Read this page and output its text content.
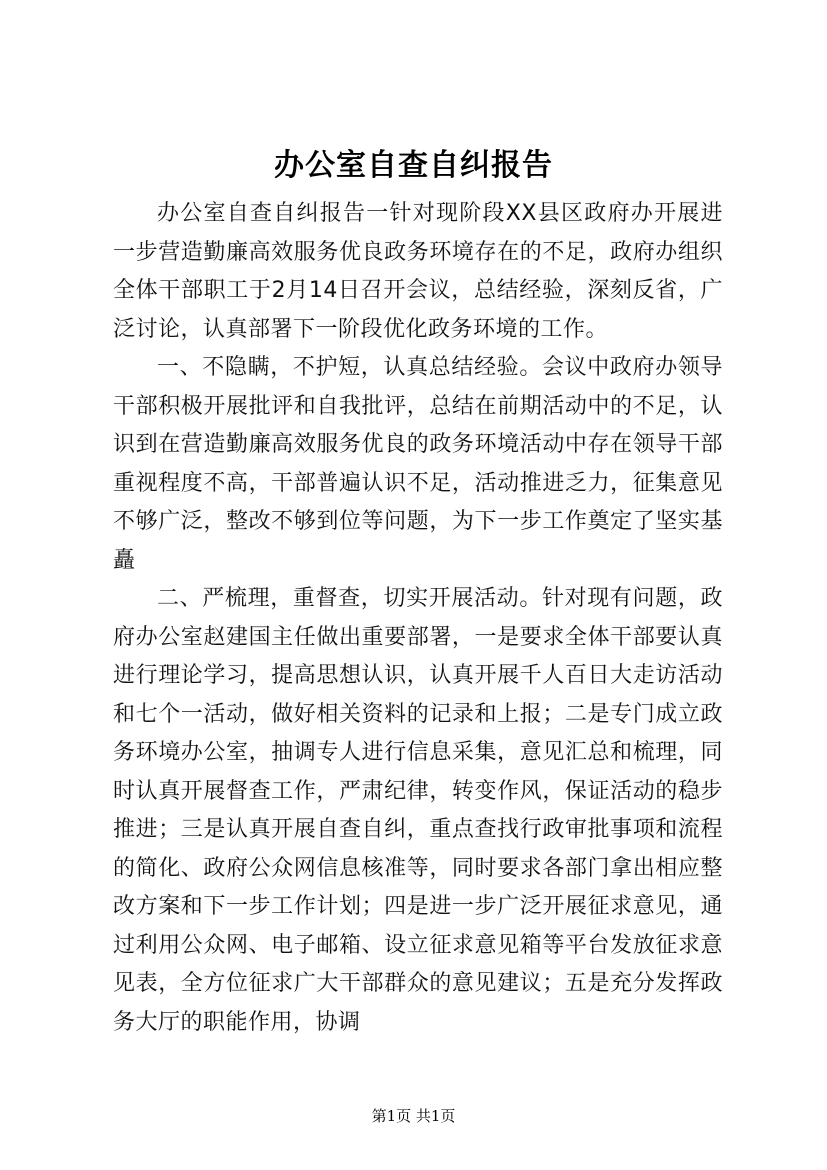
办公室自查自纠报告

办公室自查自纠报告一针对现阶段XX县区政府办开展进一步营造勤廉高效服务优良政务环境存在的不足，政府办组织全体干部职工于2月14日召开会议，总结经验，深刻反省，广泛讨论，认真部署下一阶段优化政务环境的工作。

一、不隐瞒，不护短，认真总结经验。会议中政府办领导干部积极开展批评和自我批评，总结在前期活动中的不足，认识到在营造勤廉高效服务优良的政务环境活动中存在领导干部重视程度不高，干部普遍认识不足，活动推进乏力，征集意见不够广泛，整改不够到位等问题，为下一步工作奠定了坚实基矗

二、严梳理，重督查，切实开展活动。针对现有问题，政府办公室赵建国主任做出重要部署，一是要求全体干部要认真进行理论学习，提高思想认识，认真开展千人百日大走访活动和七个一活动，做好相关资料的记录和上报；二是专门成立政务环境办公室，抽调专人进行信息采集，意见汇总和梳理，同时认真开展督查工作，严肃纪律，转变作风，保证活动的稳步推进；三是认真开展自查自纠，重点查找行政审批事项和流程的简化、政府公众网信息核准等，同时要求各部门拿出相应整改方案和下一步工作计划；四是进一步广泛开展征求意见，通过利用公众网、电子邮箱、设立征求意见箱等平台发放征求意见表，全方位征求广大干部群众的意见建议；五是充分发挥政务大厅的职能作用，协调

第1页 共1页
